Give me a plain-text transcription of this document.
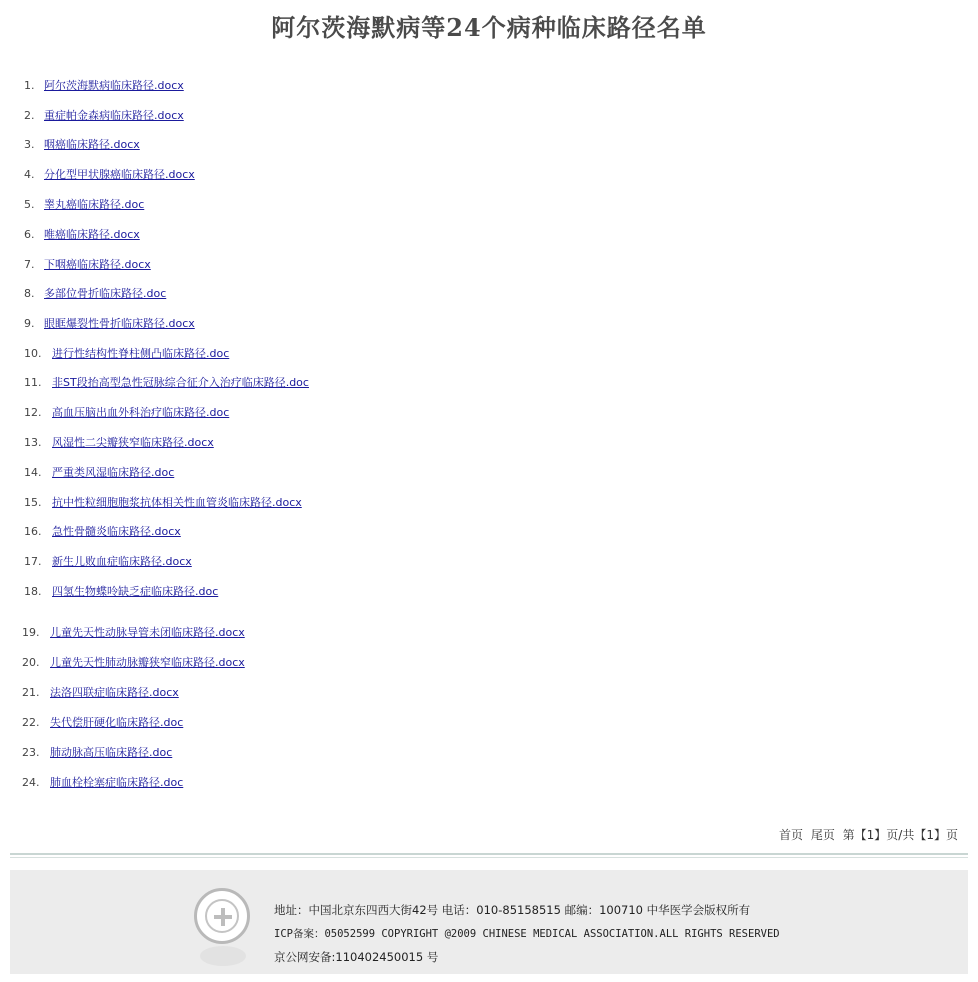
阿尔茨海默病等24个病种临床路径名单
1. 阿尔茨海默病临床路径.docx
2. 重症帕金森病临床路径.docx
3. 咽癌临床路径.docx
4. 分化型甲状腺癌临床路径.docx
5. 睾丸癌临床路径.doc
6. 唯癌临床路径.docx
7. 下咽癌临床路径.docx
8. 多部位骨折临床路径.doc
9. 眼眶爆裂性骨折临床路径.docx
10. 进行性结构性脊柱侧凸临床路径.doc
11. 非ST段抬高型急性冠脉综合征介入治疗临床路径.doc
12. 高血压脑出血外科治疗临床路径.doc
13. 风湿性二尖瓣狭窄临床路径.docx
14. 严重类风湿临床路径.doc
15. 抗中性粒细胞胞浆抗体相关性血管炎临床路径.docx
16. 急性骨髓炎临床路径.docx
17. 新生儿败血症临床路径.docx
18. 四氢生物蝶呤缺乏症临床路径.doc
19. 儿童先天性动脉导管未闭临床路径.docx
20. 儿童先天性肺动脉瓣狭窄临床路径.docx
21. 法洛四联症临床路径.docx
22. 失代偿肝硬化临床路径.doc
23. 肺动脉高压临床路径.doc
24. 肺血栓栓塞症临床路径.doc
首页 尾页 第【1】页/共【1】页
地址：中国北京东四西大街42号 电话：010-85158515 邮编：100710 中华医学会版权所有
ICP备案：05052599 COPYRIGHT @2009 CHINESE MEDICAL ASSOCIATION.ALL RIGHTS RESERVED
京公网安备:110402450015 号
